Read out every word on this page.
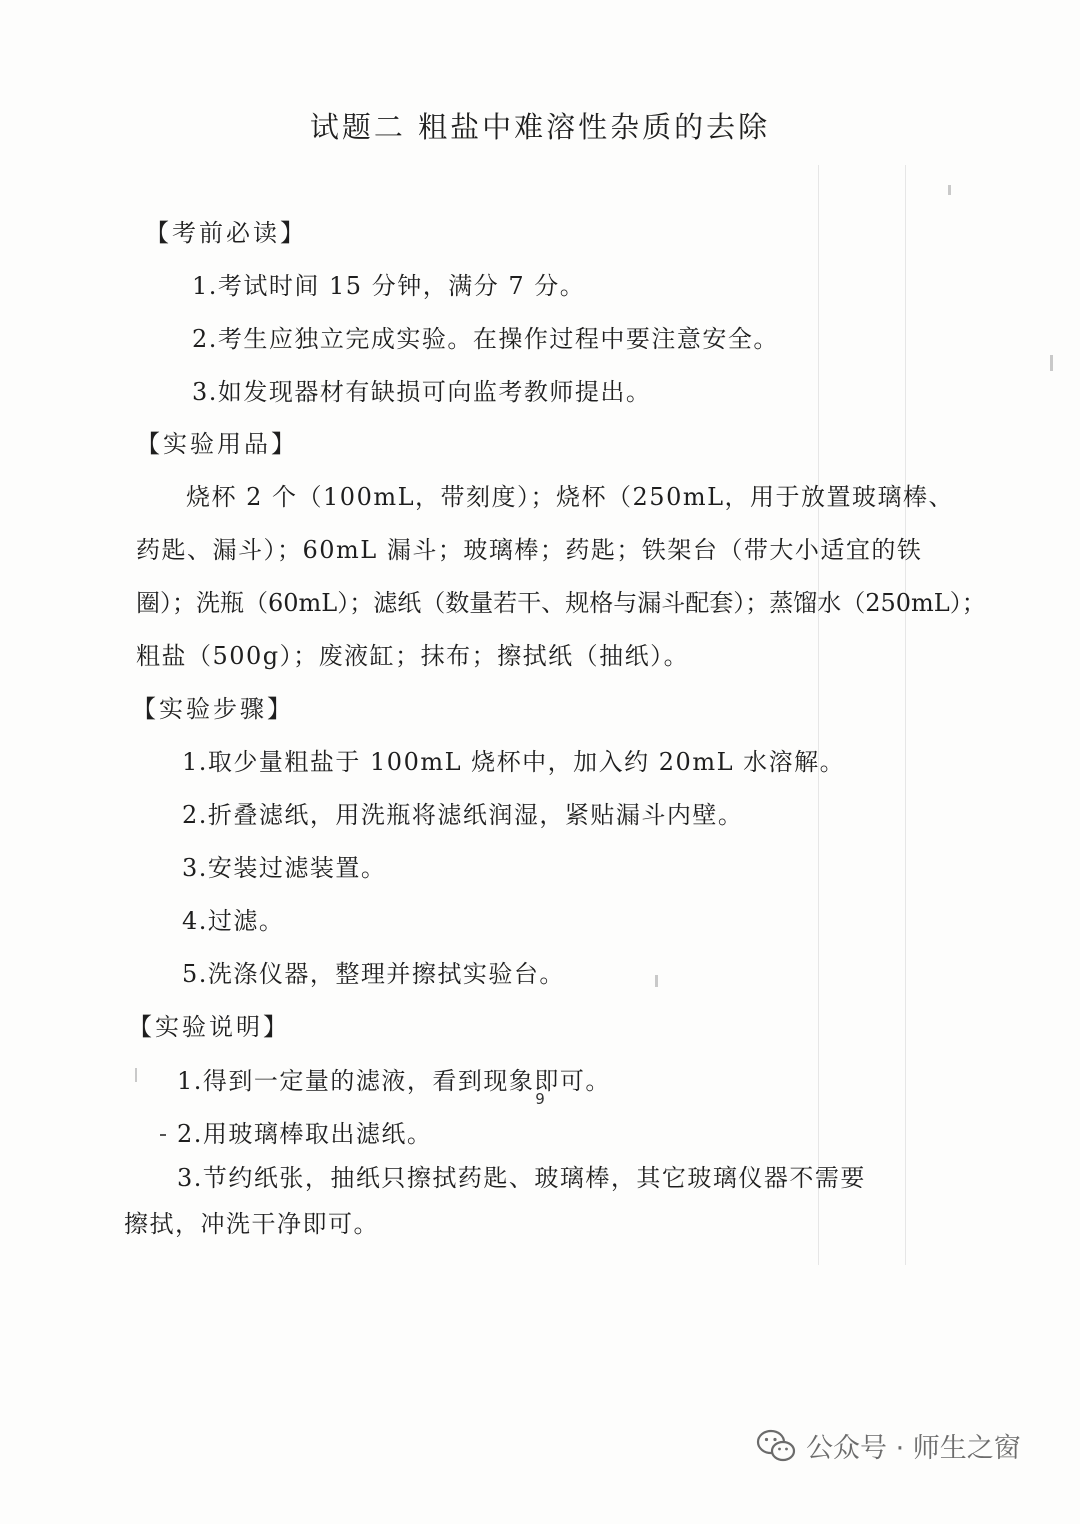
试题二 粗盐中难溶性杂质的去除
【考前必读】
1.考试时间 15 分钟，满分 7 分。
2.考生应独立完成实验。在操作过程中要注意安全。
3.如发现器材有缺损可向监考教师提出。
【实验用品】
烧杯 2 个（100mL，带刻度）；烧杯（250mL，用于放置玻璃棒、
药匙、漏斗）；60mL 漏斗；玻璃棒；药匙；铁架台（带大小适宜的铁
圈）；洗瓶（60mL）；滤纸（数量若干、规格与漏斗配套）；蒸馏水（250mL）；
粗盐（500g）；废液缸；抹布；擦拭纸（抽纸）。
【实验步骤】
1.取少量粗盐于 100mL 烧杯中，加入约 20mL 水溶解。
2.折叠滤纸，用洗瓶将滤纸润湿，紧贴漏斗内壁。
3.安装过滤装置。
4.过滤。
5.洗涤仪器，整理并擦拭实验台。
【实验说明】
1.得到一定量的滤液，看到现象即可。
2.用玻璃棒取出滤纸。
3.节约纸张，抽纸只擦拭药匙、玻璃棒，其它玻璃仪器不需要
擦拭，冲洗干净即可。
9
公众号 · 师生之窗
